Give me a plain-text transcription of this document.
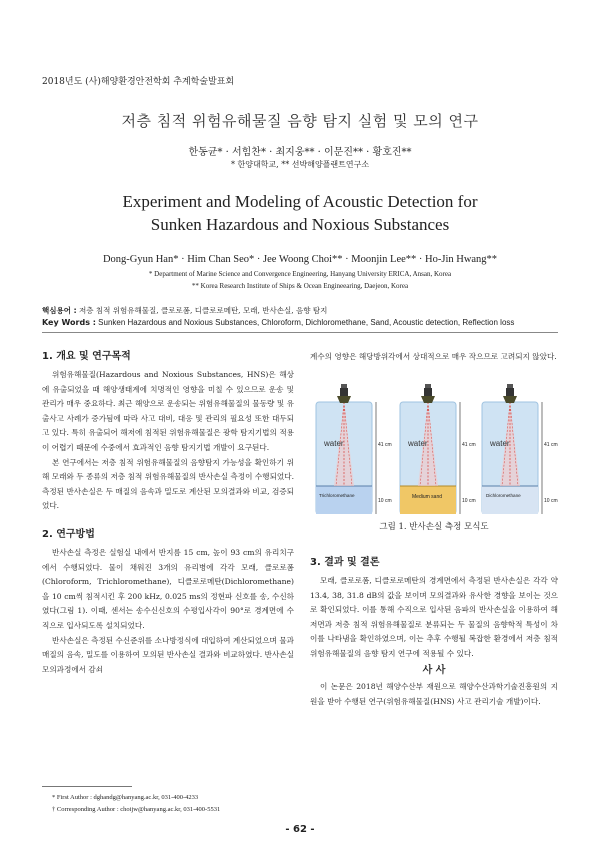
2018년도 (사)해양환경안전학회 추계학술발표회
저층 침적 위험유해물질 음향 탐지 실험 및 모의 연구
한동균* · 서힘찬* · 최지웅** · 이문진** · 황호진**
* 한양대학교, ** 선박해양플랜트연구소
Experiment and Modeling of Acoustic Detection for
Sunken Hazardous and Noxious Substances
Dong-Gyun Han* · Him Chan Seo* · Jee Woong Choi** · Moonjin Lee** · Ho-Jin Hwang**
* Department of Marine Science and Convergence Engineering, Hanyang University ERICA, Ansan, Korea
** Korea Research Institute of Ships & Ocean Engineearing, Daejeon, Korea
핵심용어 : 저층 침적 위험유해물질, 클로로폼, 디클로로메탄, 모래, 반사손실, 음향 탐지
Key Words : Sunken Hazardous and Noxious Substances, Chloroform, Dichloromethane, Sand, Acoustic detection, Reflection loss
1. 개요 및 연구목적

위험유해물질(Hazardous and Noxious Substances, HNS)은 해상에 유출되었을 때 해양생태계에 치명적인 영향을 미칠 수 있으므로 운송 및 관리가 매우 중요하다. 최근 해양으로 운송되는 위험유해물질의 물동량 및 유출사고 사례가 증가됨에 따라 사고 대비, 대응 및 관리의 필요성 또한 대두되고 있다. 특히 유출되어 해저에 침적된 위험유해물질은 광학 탐지기법의 적용이 어렵기 때문에 수중에서 효과적인 음향 탐지기법 개발이 요구된다.

본 연구에서는 저층 침적 위험유해물질의 음향탐지 가능성을 확인하기 위해 모래와 두 종류의 저층 침적 위험유해물질의 반사손실 측정이 수행되었다. 측정된 반사손실은 두 매질의 음속과 밀도로 계산된 모의결과와 비교, 검증되었다.

2. 연구방법

반사손실 측정은 실험실 내에서 반지름 15 cm, 높이 93 cm의 유리치구에서 수행되었다. 물이 채워진 3개의 유리병에 각각 모래, 클로로폼(Chloroform, Trichloromethane), 디클로로메탄(Dichloromethane)을 10 cm씩 침적시킨 후 200 kHz, 0.025 ms의 정현파 신호를 송, 수신하였다(그림 1). 이때, 센서는 송수신신호의 수평입사각이 90°로 경계면에 수직으로 입사되도록 설치되었다.

반사손실은 측정된 수신준위를 소나방정식에 대입하여 계산되었으며 물과 매질의 음속, 밀도를 이용하여 모의된 반사손실 결과와 비교하였다. 반사손실 모의과정에서 감쇠

* First Author : dghandg@hanyang.ac.kr, 031-400-4233
† Corresponding Author : choijw@hanyang.ac.kr, 031-400-5531

계수의 영향은 해당방위각에서 상대적으로 매우 작으므로 고려되지 않았다.

water
Trichloromethane
41 cm
10 cm
water
Medium sand
41 cm
10 cm
water
Dichloromethane
41 cm
10 cm
그림 1. 반사손실 측정 모식도
3. 결과 및 결론

모래, 클로로폼, 디클로로메탄의 경계면에서 측정된 반사손실은 각각 약 13.4, 38, 31.8 dB의 값을 보이며 모의결과와 유사한 경향을 보이는 것으로 확인되었다. 이를 통해 수직으로 입사된 음파의 반사손실을 이용하여 해저면과 저층 침적 위험유해물질로 분류되는 두 물질의 음향학적 특성이 차이를 나타냄을 확인하였으며, 이는 추후 수행될 복잡한 환경에서 저층 침적 위험유해물질의 음향 탐지 연구에 적용될 수 있다.

사 사

이 논문은 2018년 해양수산부 재원으로 해양수산과학기술진흥원의 지원을 받아 수행된 연구(위험유해물질(HNS) 사고 관리기술 개발)이다.

- 62 -
